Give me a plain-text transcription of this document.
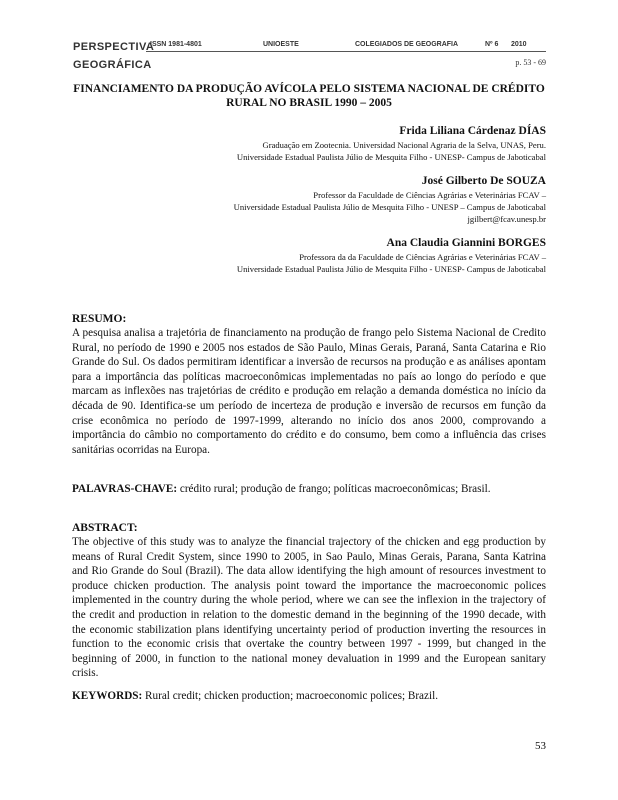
PERSPECTIVA
GEOGRÁFICA
ISSN 1981-4801	UNIOESTE	COLEGIADOS DE GEOGRAFIA	Nº 6 2010
p. 53 - 69
FINANCIAMENTO DA PRODUÇÃO AVÍCOLA PELO SISTEMA NACIONAL DE CRÉDITO RURAL NO BRASIL 1990 – 2005
Frida Liliana Cárdenaz DÍAS
Graduação em Zootecnia. Universidad Nacional Agraria de la Selva, UNAS, Peru.
Universidade Estadual Paulista Júlio de Mesquita Filho - UNESP- Campus de Jaboticabal
José Gilberto De SOUZA
Professor da Faculdade de Ciências Agrárias e Veterinárias FCAV –
Universidade Estadual Paulista Júlio de Mesquita Filho - UNESP – Campus de Jaboticabal
jgilbert@fcav.unesp.br
Ana Claudia Giannini BORGES
Professora da da Faculdade de Ciências Agrárias e Veterinárias FCAV –
Universidade Estadual Paulista Júlio de Mesquita Filho - UNESP- Campus de Jaboticabal
RESUMO:
A pesquisa analisa a trajetória de financiamento na produção de frango pelo Sistema Nacional de Credito Rural, no período de 1990 e 2005 nos estados de São Paulo, Minas Gerais, Paraná, Santa Catarina e Rio Grande do Sul. Os dados permitiram identificar a inversão de recursos na produção e as análises apontam para a importância das políticas macroeconômicas implementadas no país ao longo do período e que marcam as inflexões nas trajetórias de crédito e produção em relação a demanda doméstica no início da década de 90. Identifica-se um período de incerteza de produção e inversão de recursos em função da crise econômica no período de 1997-1999, alterando no início dos anos 2000, comprovando a importância do câmbio no comportamento do crédito e do consumo, bem como a influência das crises sanitárias ocorridas na Europa.
PALAVRAS-CHAVE: crédito rural; produção de frango; políticas macroeconômicas; Brasil.
ABSTRACT:
The objective of this study was to analyze the financial trajectory of the chicken and egg production by means of Rural Credit System, since 1990 to 2005, in Sao Paulo, Minas Gerais, Parana, Santa Katrina and Rio Grande do Soul (Brazil). The data allow identifying the high amount of resources investment to produce chicken production. The analysis point toward the importance the macroeconomic polices implemented in the country during the whole period, where we can see the inflexion in the trajectory of the credit and production in relation to the domestic demand in the beginning of the 1990 decade, with the economic stabilization plans identifying uncertainty period of production inverting the resources in function to the economic crisis that overtake the country between 1997 - 1999, but changed in the beginning of 2000, in function to the national money devaluation in 1999 and the European sanitary crisis.
KEYWORDS: Rural credit; chicken production; macroeconomic polices; Brazil.
53
